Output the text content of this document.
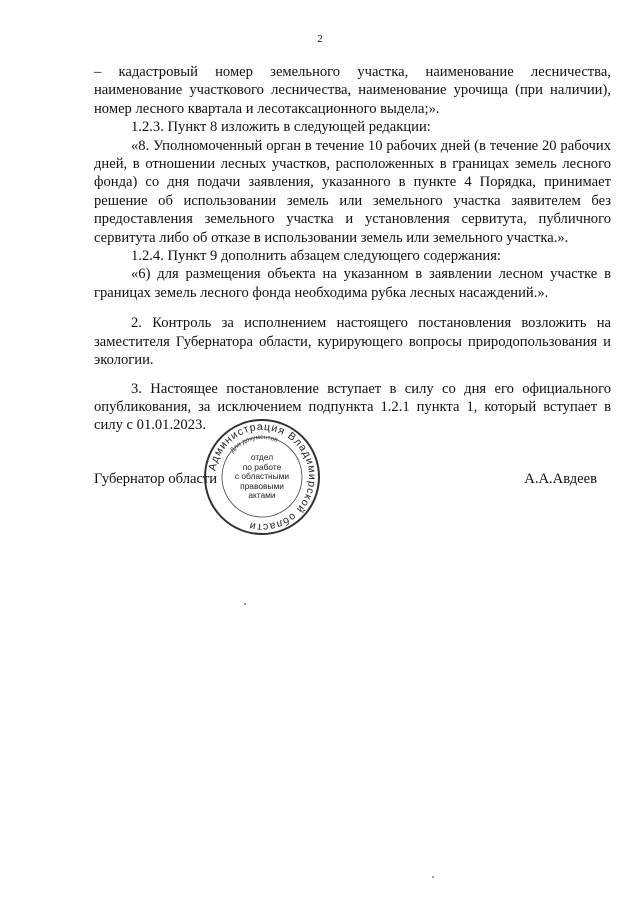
2

– кадастровый номер земельного участка, наименование лесничества, наименование участкового лесничества, наименование урочища (при наличии), номер лесного квартала и лесотаксационного выдела;».

1.2.3. Пункт 8 изложить в следующей редакции:

«8. Уполномоченный орган в течение 10 рабочих дней (в течение 20 рабочих дней, в отношении лесных участков, расположенных в границах земель лесного фонда) со дня подачи заявления, указанного в пункте 4 Порядка, принимает решение об использовании земель или земельного участка заявителем без предоставления земельного участка и установления сервитута, публичного сервитута либо об отказе в использовании земель или земельного участка.».

1.2.4. Пункт 9 дополнить абзацем следующего содержания:

«6) для размещения объекта на указанном в заявлении лесном участке в границах земель лесного фонда необходима рубка лесных насаждений.».

2. Контроль за исполнением настоящего постановления возложить на заместителя Губернатора области, курирующего вопросы природопользования и экологии.

3. Настоящее постановление вступает в силу со дня его официального опубликования, за исключением подпункта 1.2.1 пункта 1, который вступает в силу с 01.01.2023.

Губернатор области	А.А.Авдеев
Администрация Владимирской области
Для документов
отдел
по работе
с областными
правовыми
актами
